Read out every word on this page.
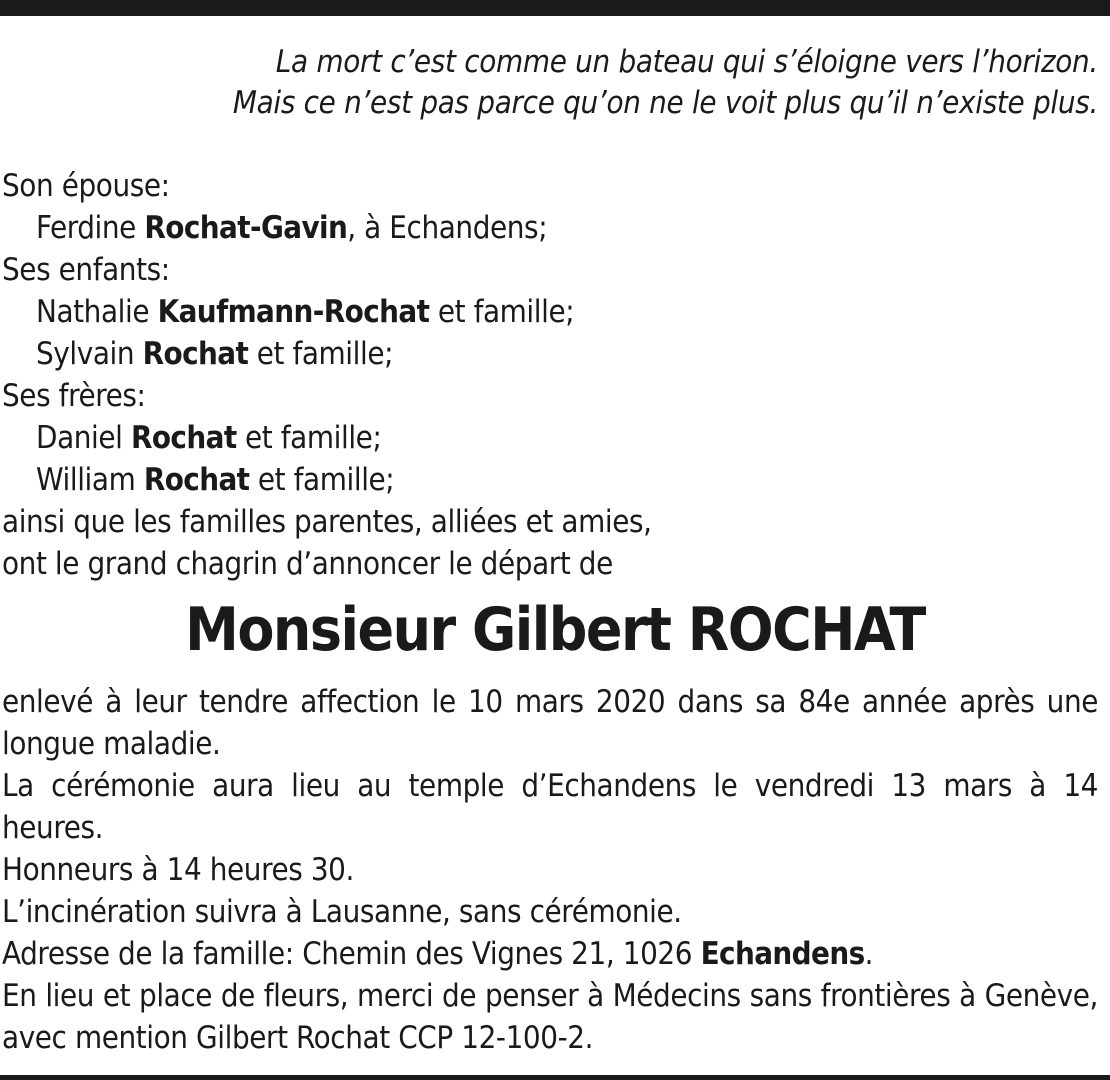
La mort c’est comme un bateau qui s’éloigne vers l’horizon.
Mais ce n’est pas parce qu’on ne le voit plus qu’il n’existe plus.
Son épouse:
Ferdine Rochat-Gavin, à Echandens;
Ses enfants:
Nathalie Kaufmann-Rochat et famille;
Sylvain Rochat et famille;
Ses frères:
Daniel Rochat et famille;
William Rochat et famille;
ainsi que les familles parentes, alliées et amies,
ont le grand chagrin d’annoncer le départ de
Monsieur Gilbert ROCHAT
enlevé à leur tendre affection le 10 mars 2020 dans sa 84e année après une longue maladie.
La cérémonie aura lieu au temple d’Echandens le vendredi 13 mars à 14 heures.
Honneurs à 14 heures 30.
L’incinération suivra à Lausanne, sans cérémonie.
Adresse de la famille: Chemin des Vignes 21, 1026 Echandens.
En lieu et place de fleurs, merci de penser à Médecins sans frontières à Genève, avec mention Gilbert Rochat CCP 12-100-2.
